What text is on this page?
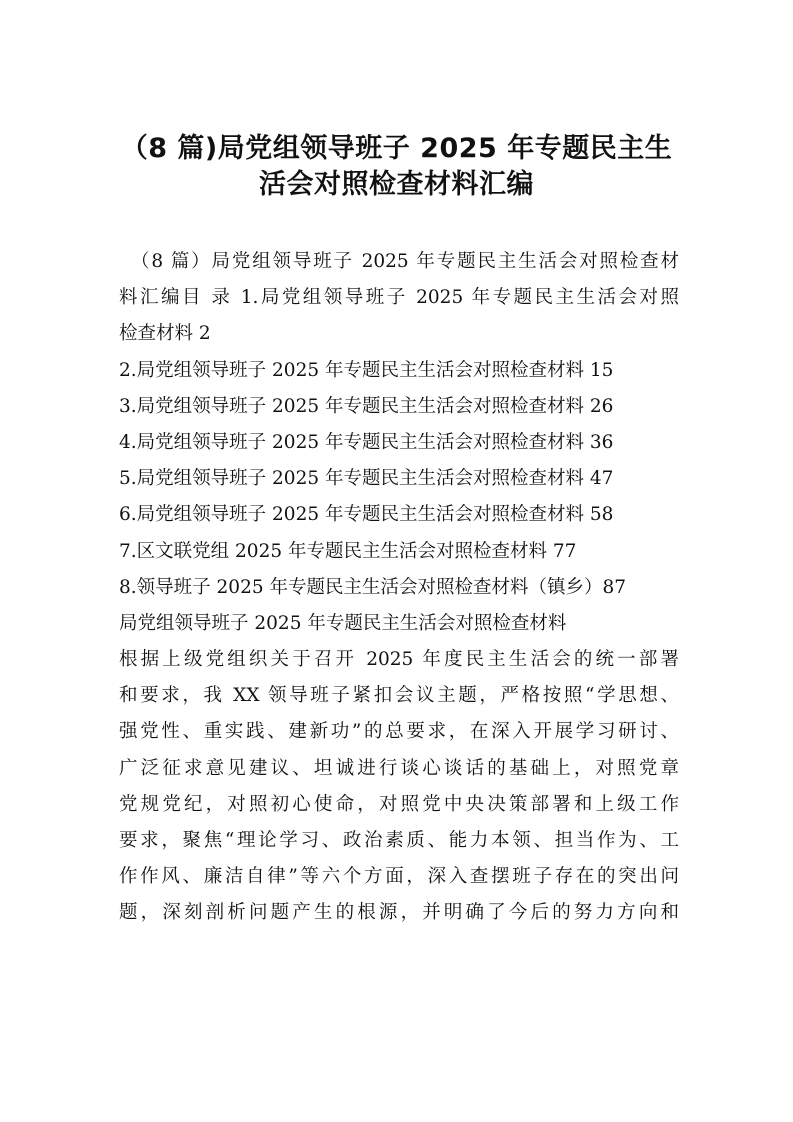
（8 篇)局党组领导班子 2025 年专题民主生
活会对照检查材料汇编
（8 篇）局党组领导班子 2025 年专题民主生活会对照检查材
料汇编目 录 1.局党组领导班子 2025 年专题民主生活会对照
检查材料 2
2.局党组领导班子 2025 年专题民主生活会对照检查材料 15
3.局党组领导班子 2025 年专题民主生活会对照检查材料 26
4.局党组领导班子 2025 年专题民主生活会对照检查材料 36
5.局党组领导班子 2025 年专题民主生活会对照检查材料 47
6.局党组领导班子 2025 年专题民主生活会对照检查材料 58
7.区文联党组 2025 年专题民主生活会对照检查材料 77
8.领导班子 2025 年专题民主生活会对照检查材料（镇乡）87
局党组领导班子 2025 年专题民主生活会对照检查材料
根据上级党组织关于召开 2025 年度民主生活会的统一部署
和要求，我 XX 领导班子紧扣会议主题，严格按照“学思想、
强党性、重实践、建新功”的总要求，在深入开展学习研讨、
广泛征求意见建议、坦诚进行谈心谈话的基础上，对照党章
党规党纪，对照初心使命，对照党中央决策部署和上级工作
要求，聚焦“理论学习、政治素质、能力本领、担当作为、工
作作风、廉洁自律”等六个方面，深入查摆班子存在的突出问
题，深刻剖析问题产生的根源，并明确了今后的努力方向和
